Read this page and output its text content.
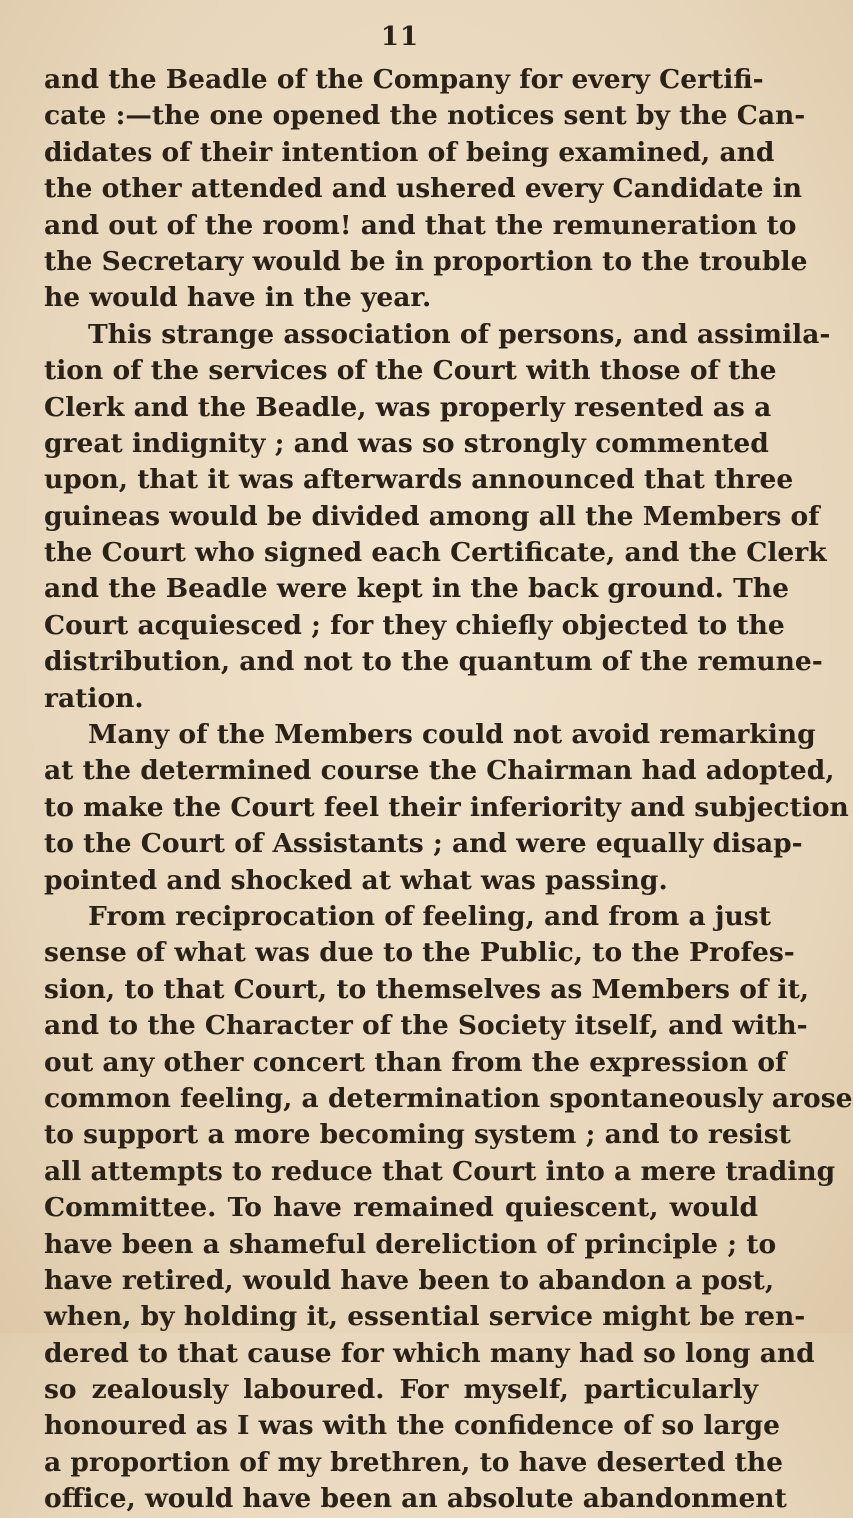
11
and the Beadle of the Company for every Certifi-
cate :—the one opened the notices sent by the Can-
didates of their intention of being examined, and
the other attended and ushered every Candidate in
and out of the room! and that the remuneration to
the Secretary would be in proportion to the trouble
he would have in the year.
This strange association of persons, and assimila-
tion of the services of the Court with those of the
Clerk and the Beadle, was properly resented as a
great indignity ; and was so strongly commented
upon, that it was afterwards announced that three
guineas would be divided among all the Members of
the Court who signed each Certificate, and the Clerk
and the Beadle were kept in the back ground. The
Court acquiesced ; for they chiefly objected to the
distribution, and not to the quantum of the remune-
ration.
Many of the Members could not avoid remarking
at the determined course the Chairman had adopted,
to make the Court feel their inferiority and subjection
to the Court of Assistants ; and were equally disap-
pointed and shocked at what was passing.
From reciprocation of feeling, and from a just
sense of what was due to the Public, to the Profes-
sion, to that Court, to themselves as Members of it,
and to the Character of the Society itself, and with-
out any other concert than from the expression of
common feeling, a determination spontaneously arose
to support a more becoming system ; and to resist
all attempts to reduce that Court into a mere trading
Committee. To have remained quiescent, would
have been a shameful dereliction of principle ; to
have retired, would have been to abandon a post,
when, by holding it, essential service might be ren-
dered to that cause for which many had so long and
so zealously laboured. For myself, particularly
honoured as I was with the confidence of so large
a proportion of my brethren, to have deserted the
office, would have been an absolute abandonment
